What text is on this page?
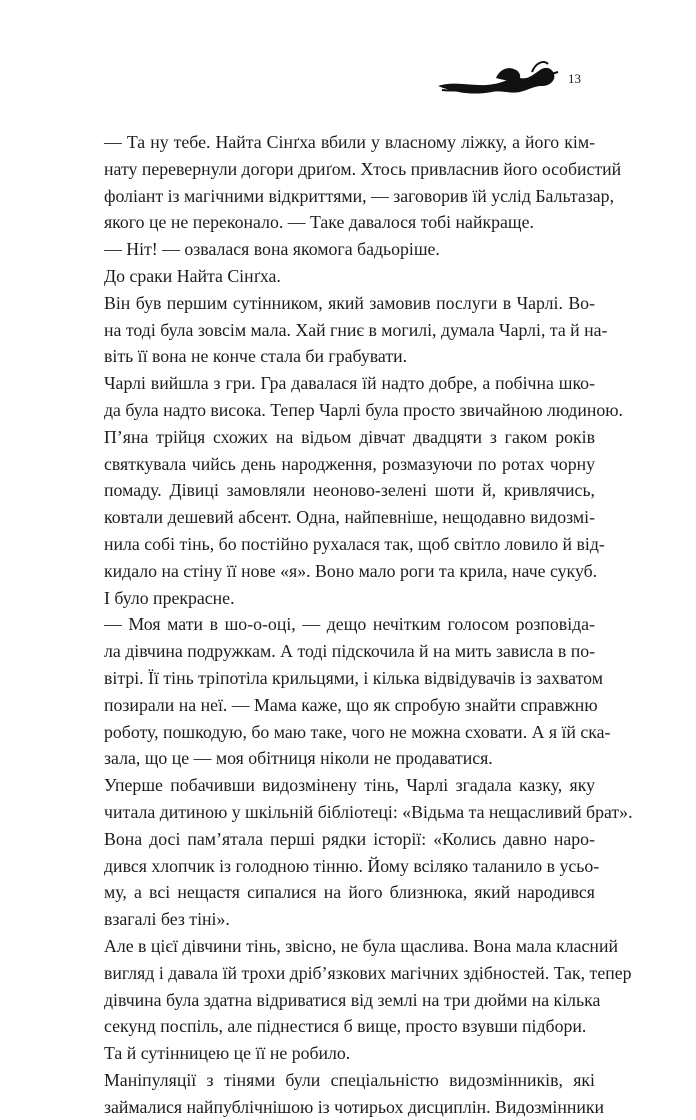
13
— Та ну тебе. Найта Сінґха вбили у власному ліжку, а його кім-
нату перевернули догори дриґом. Хтось привласнив його особистий
фоліант із магічними відкриттями, — заговорив їй услід Бальтазар,
якого це не переконало. — Таке давалося тобі найкраще.
— Ніт! — озвалася вона якомога бадьоріше.
До сраки Найта Сінґха.
Він був першим сутінником, який замовив послуги в Чарлі. Во-
на тоді була зовсім мала. Хай гниє в могилі, думала Чарлі, та й на-
віть її вона не конче стала би грабувати.
Чарлі вийшла з гри. Гра давалася їй надто добре, а побічна шко-
да була надто висока. Тепер Чарлі була просто звичайною людиною.
П’яна трійця схожих на відьом дівчат двадцяти з гаком років
святкувала чийсь день народження, розмазуючи по ротах чорну
помаду. Дівиці замовляли неоново-зелені шоти й, кривлячись,
ковтали дешевий абсент. Одна, найпевніше, нещодавно видозмі-
нила собі тінь, бо постійно рухалася так, щоб світло ловило й від-
кидало на стіну її нове «я». Воно мало роги та крила, наче сукуб.
І було прекрасне.
— Моя мати в шо-о-оці, — дещо нечітким голосом розповіда-
ла дівчина подружкам. А тоді підскочила й на мить зависла в по-
вітрі. Її тінь тріпотіла крильцями, і кілька відвідувачів із захватом
позирали на неї. — Мама каже, що як спробую знайти справжню
роботу, пошкодую, бо маю таке, чого не можна сховати. А я їй ска-
зала, що це — моя обітниця ніколи не продаватися.
Уперше побачивши видозмінену тінь, Чарлі згадала казку, яку
читала дитиною у шкільній бібліотеці: «Відьма та нещасливий брат».
Вона досі пам’ятала перші рядки історії: «Колись давно наро-
дився хлопчик із голодною тінню. Йому всіляко таланило в усьо-
му, а всі нещастя сипалися на його близнюка, який народився
взагалі без тіні».
Але в цієї дівчини тінь, звісно, не була щаслива. Вона мала класний
вигляд і давала їй трохи дріб’язкових магічних здібностей. Так, тепер
дівчина була здатна відриватися від землі на три дюйми на кілька
секунд поспіль, але піднестися б вище, просто взувши підбори.
Та й сутінницею це її не робило.
Маніпуляції з тінями були спеціальністю видозмінників, які
займалися найпублічнішою із чотирьох дисциплін. Видозмінники
